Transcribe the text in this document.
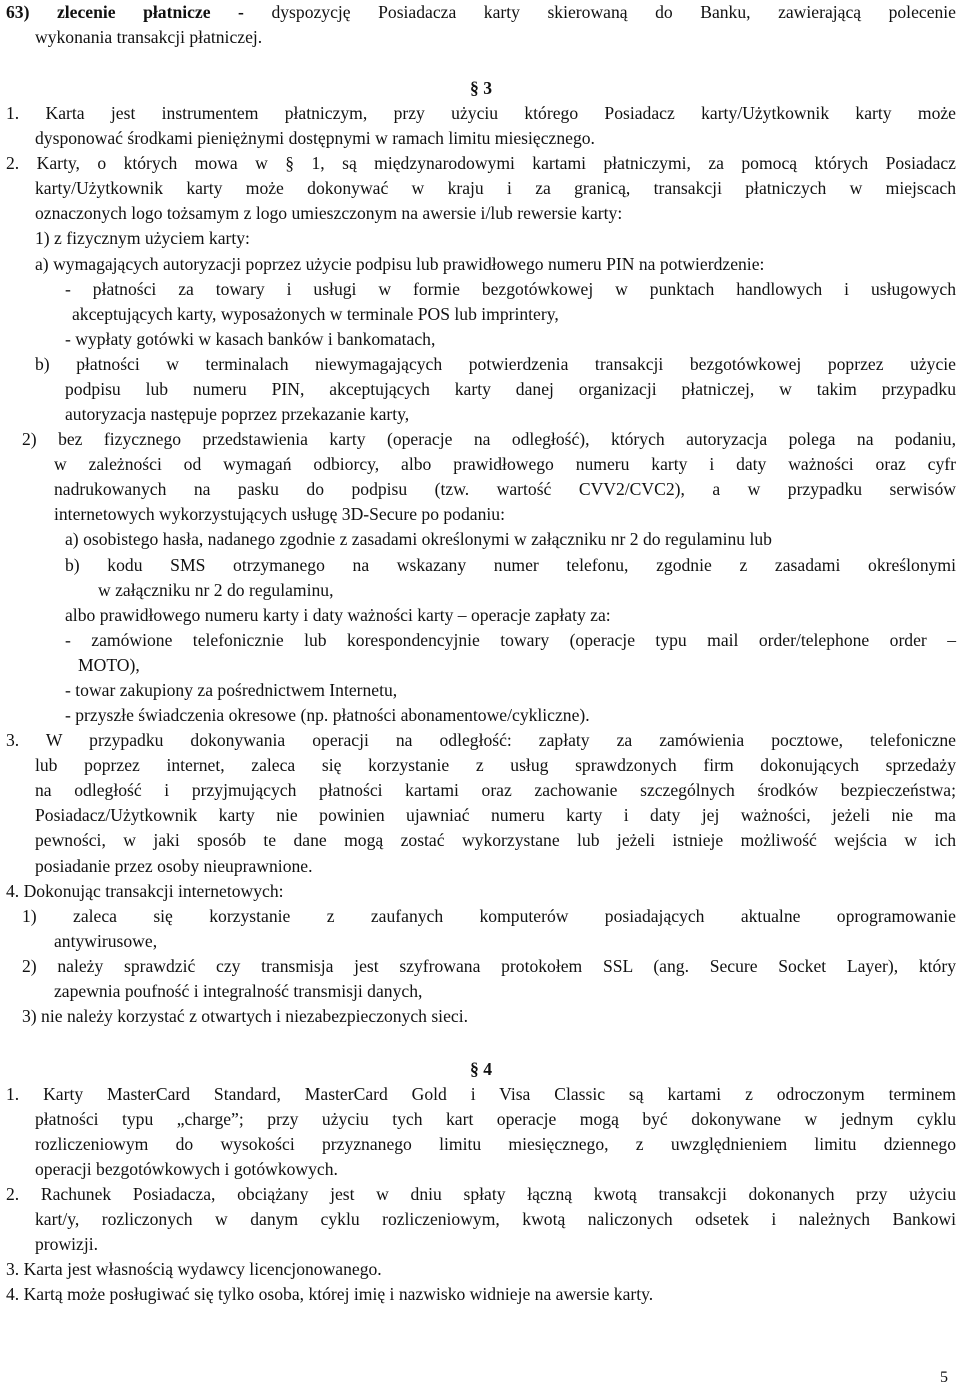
63) zlecenie płatnicze - dyspozycję Posiadacza karty skierowaną do Banku, zawierającą polecenie
wykonania transakcji płatniczej.
§ 3
1. Karta jest instrumentem płatniczym, przy użyciu którego Posiadacz karty/Użytkownik karty może
dysponować środkami pieniężnymi dostępnymi w ramach limitu miesięcznego.
2. Karty, o których mowa w § 1, są międzynarodowymi kartami płatniczymi, za pomocą których Posiadacz
karty/Użytkownik karty może dokonywać w kraju i za granicą, transakcji płatniczych w miejscach
oznaczonych logo tożsamym z logo umieszczonym na awersie i/lub rewersie karty:
1) z fizycznym użyciem karty:
a) wymagających autoryzacji poprzez użycie podpisu lub prawidłowego numeru PIN na potwierdzenie:
- płatności za towary i usługi w formie bezgotówkowej w punktach handlowych i usługowych
akceptujących karty, wyposażonych w terminale POS lub imprintery,
- wypłaty gotówki w kasach banków i bankomatach,
b) płatności w terminalach niewymagających potwierdzenia transakcji bezgotówkowej poprzez użycie
podpisu lub numeru PIN, akceptujących karty danej organizacji płatniczej, w takim przypadku
autoryzacja następuje poprzez przekazanie karty,
2) bez fizycznego przedstawienia karty (operacje na odległość), których autoryzacja polega na podaniu,
w zależności od wymagań odbiorcy, albo prawidłowego numeru karty i daty ważności oraz cyfr
nadrukowanych na pasku do podpisu (tzw. wartość CVV2/CVC2), a w przypadku serwisów
internetowych wykorzystujących usługę 3D-Secure po podaniu:
a) osobistego hasła, nadanego zgodnie z zasadami określonymi w załączniku nr 2 do regulaminu lub
b) kodu SMS otrzymanego na wskazany numer telefonu, zgodnie z zasadami określonymi
w załączniku nr 2 do regulaminu,
albo prawidłowego numeru karty i daty ważności karty – operacje zapłaty za:
- zamówione telefonicznie lub korespondencyjnie towary (operacje typu mail order/telephone order –
MOTO),
- towar zakupiony za pośrednictwem Internetu,
- przyszłe świadczenia okresowe (np. płatności abonamentowe/cykliczne).
3. W przypadku dokonywania operacji na odległość: zapłaty za zamówienia pocztowe, telefoniczne
lub poprzez internet, zaleca się korzystanie z usług sprawdzonych firm dokonujących sprzedaży
na odległość i przyjmujących płatności kartami oraz zachowanie szczególnych środków bezpieczeństwa;
Posiadacz/Użytkownik karty nie powinien ujawniać numeru karty i daty jej ważności, jeżeli nie ma
pewności, w jaki sposób te dane mogą zostać wykorzystane lub jeżeli istnieje możliwość wejścia w ich
posiadanie przez osoby nieuprawnione.
4. Dokonując transakcji internetowych:
1) zaleca się korzystanie z zaufanych komputerów posiadających aktualne oprogramowanie
antywirusowe,
2) należy sprawdzić czy transmisja jest szyfrowana protokołem SSL (ang. Secure Socket Layer), który
zapewnia poufność i integralność transmisji danych,
3) nie należy korzystać z otwartych i niezabezpieczonych sieci.
§ 4
1. Karty MasterCard Standard, MasterCard Gold i Visa Classic są kartami z odroczonym terminem
płatności typu „charge”; przy użyciu tych kart operacje mogą być dokonywane w jednym cyklu
rozliczeniowym do wysokości przyznanego limitu miesięcznego, z uwzględnieniem limitu dziennego
operacji bezgotówkowych i gotówkowych.
2. Rachunek Posiadacza, obciążany jest w dniu spłaty łączną kwotą transakcji dokonanych przy użyciu
kart/y, rozliczonych w danym cyklu rozliczeniowym, kwotą naliczonych odsetek i należnych Bankowi
prowizji.
3. Karta jest własnością wydawcy licencjonowanego.
4. Kartą może posługiwać się tylko osoba, której imię i nazwisko widnieje na awersie karty.
5
